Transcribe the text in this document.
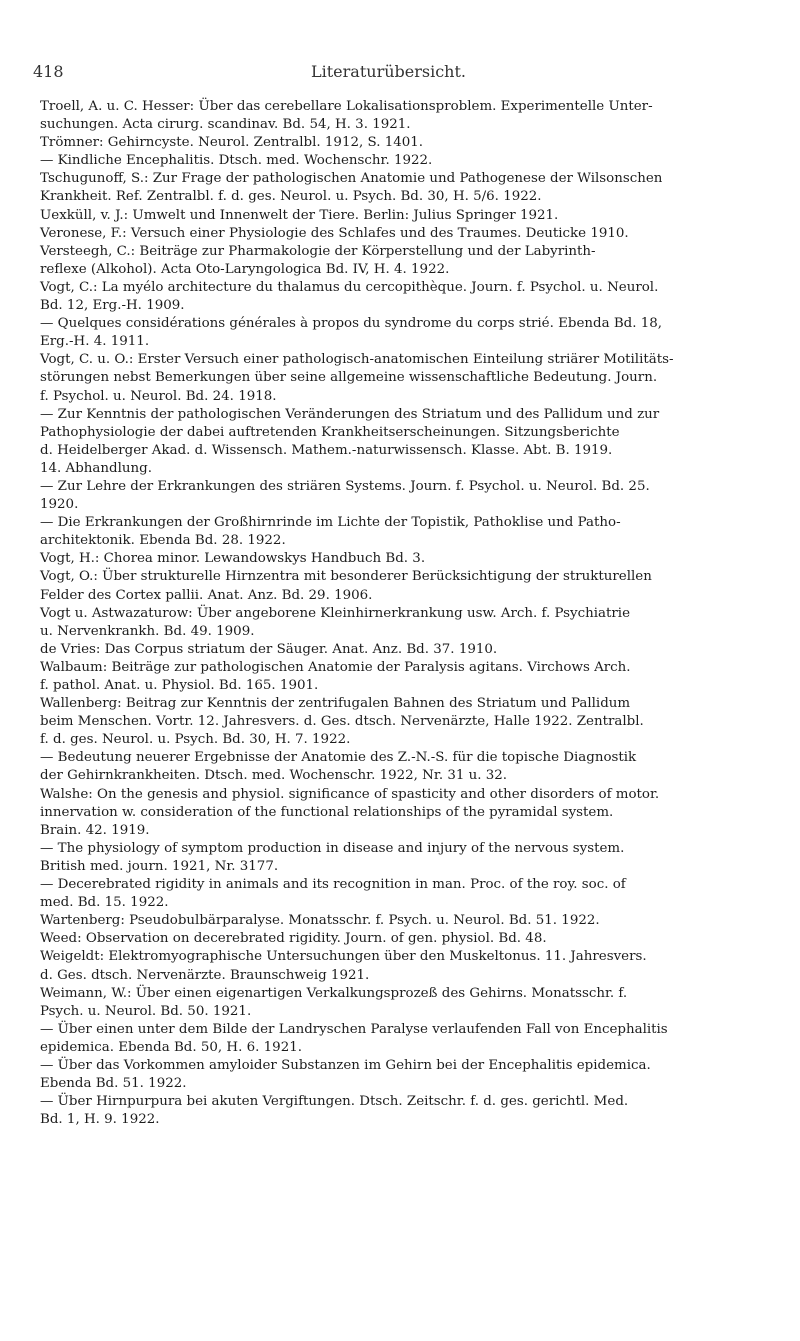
418	Literaturübersicht.
Troell, A. u. C. Hesser: Über das cerebellare Lokalisationsproblem. Experimentelle Unter-
suchungen. Acta cirurg. scandinav. Bd. 54, H. 3. 1921.
Trömner: Gehirncyste. Neurol. Zentralbl. 1912, S. 1401.
— Kindliche Encephalitis. Dtsch. med. Wochenschr. 1922.
Tschugunoff, S.: Zur Frage der pathologischen Anatomie und Pathogenese der Wilsonschen
Krankheit. Ref. Zentralbl. f. d. ges. Neurol. u. Psych. Bd. 30, H. 5/6. 1922.
Uexküll, v. J.: Umwelt und Innenwelt der Tiere. Berlin: Julius Springer 1921.
Veronese, F.: Versuch einer Physiologie des Schlafes und des Traumes. Deuticke 1910.
Versteegh, C.: Beiträge zur Pharmakologie der Körperstellung und der Labyrinth-
reflexe (Alkohol). Acta Oto-Laryngologica Bd. IV, H. 4. 1922.
Vogt, C.: La myélo architecture du thalamus du cercopithèque. Journ. f. Psychol. u. Neurol.
Bd. 12, Erg.-H. 1909.
— Quelques considérations générales à propos du syndrome du corps strié. Ebenda Bd. 18,
Erg.-H. 4. 1911.
Vogt, C. u. O.: Erster Versuch einer pathologisch-anatomischen Einteilung striärer Motilitäts-
störungen nebst Bemerkungen über seine allgemeine wissenschaftliche Bedeutung. Journ.
f. Psychol. u. Neurol. Bd. 24. 1918.
— Zur Kenntnis der pathologischen Veränderungen des Striatum und des Pallidum und zur
Pathophysiologie der dabei auftretenden Krankheitserscheinungen. Sitzungsberichte
d. Heidelberger Akad. d. Wissensch. Mathem.-naturwissensch. Klasse. Abt. B. 1919.
14. Abhandlung.
— Zur Lehre der Erkrankungen des striären Systems. Journ. f. Psychol. u. Neurol. Bd. 25.
1920.
— Die Erkrankungen der Großhirnrinde im Lichte der Topistik, Pathoklise und Patho-
architektonik. Ebenda Bd. 28. 1922.
Vogt, H.: Chorea minor. Lewandowskys Handbuch Bd. 3.
Vogt, O.: Über strukturelle Hirnzentra mit besonderer Berücksichtigung der strukturellen
Felder des Cortex pallii. Anat. Anz. Bd. 29. 1906.
Vogt u. Astwazaturow: Über angeborene Kleinhirnerkrankung usw. Arch. f. Psychiatrie
u. Nervenkrankh. Bd. 49. 1909.
de Vries: Das Corpus striatum der Säuger. Anat. Anz. Bd. 37. 1910.
Walbaum: Beiträge zur pathologischen Anatomie der Paralysis agitans. Virchows Arch.
f. pathol. Anat. u. Physiol. Bd. 165. 1901.
Wallenberg: Beitrag zur Kenntnis der zentrifugalen Bahnen des Striatum und Pallidum
beim Menschen. Vortr. 12. Jahresvers. d. Ges. dtsch. Nervenärzte, Halle 1922. Zentralbl.
f. d. ges. Neurol. u. Psych. Bd. 30, H. 7. 1922.
— Bedeutung neuerer Ergebnisse der Anatomie des Z.-N.-S. für die topische Diagnostik
der Gehirnkrankheiten. Dtsch. med. Wochenschr. 1922, Nr. 31 u. 32.
Walshe: On the genesis and physiol. significance of spasticity and other disorders of motor.
innervation w. consideration of the functional relationships of the pyramidal system.
Brain. 42. 1919.
— The physiology of symptom production in disease and injury of the nervous system.
British med. journ. 1921, Nr. 3177.
— Decerebrated rigidity in animals and its recognition in man. Proc. of the roy. soc. of
med. Bd. 15. 1922.
Wartenberg: Pseudobulbärparalyse. Monatsschr. f. Psych. u. Neurol. Bd. 51. 1922.
Weed: Observation on decerebrated rigidity. Journ. of gen. physiol. Bd. 48.
Weigeldt: Elektromyographische Untersuchungen über den Muskeltonus. 11. Jahresvers.
d. Ges. dtsch. Nervenärzte. Braunschweig 1921.
Weimann, W.: Über einen eigenartigen Verkalkungsprozeß des Gehirns. Monatsschr. f.
Psych. u. Neurol. Bd. 50. 1921.
— Über einen unter dem Bilde der Landryschen Paralyse verlaufenden Fall von Encephalitis
epidemica. Ebenda Bd. 50, H. 6. 1921.
— Über das Vorkommen amyloider Substanzen im Gehirn bei der Encephalitis epidemica.
Ebenda Bd. 51. 1922.
— Über Hirnpurpura bei akuten Vergiftungen. Dtsch. Zeitschr. f. d. ges. gerichtl. Med.
Bd. 1, H. 9. 1922.
